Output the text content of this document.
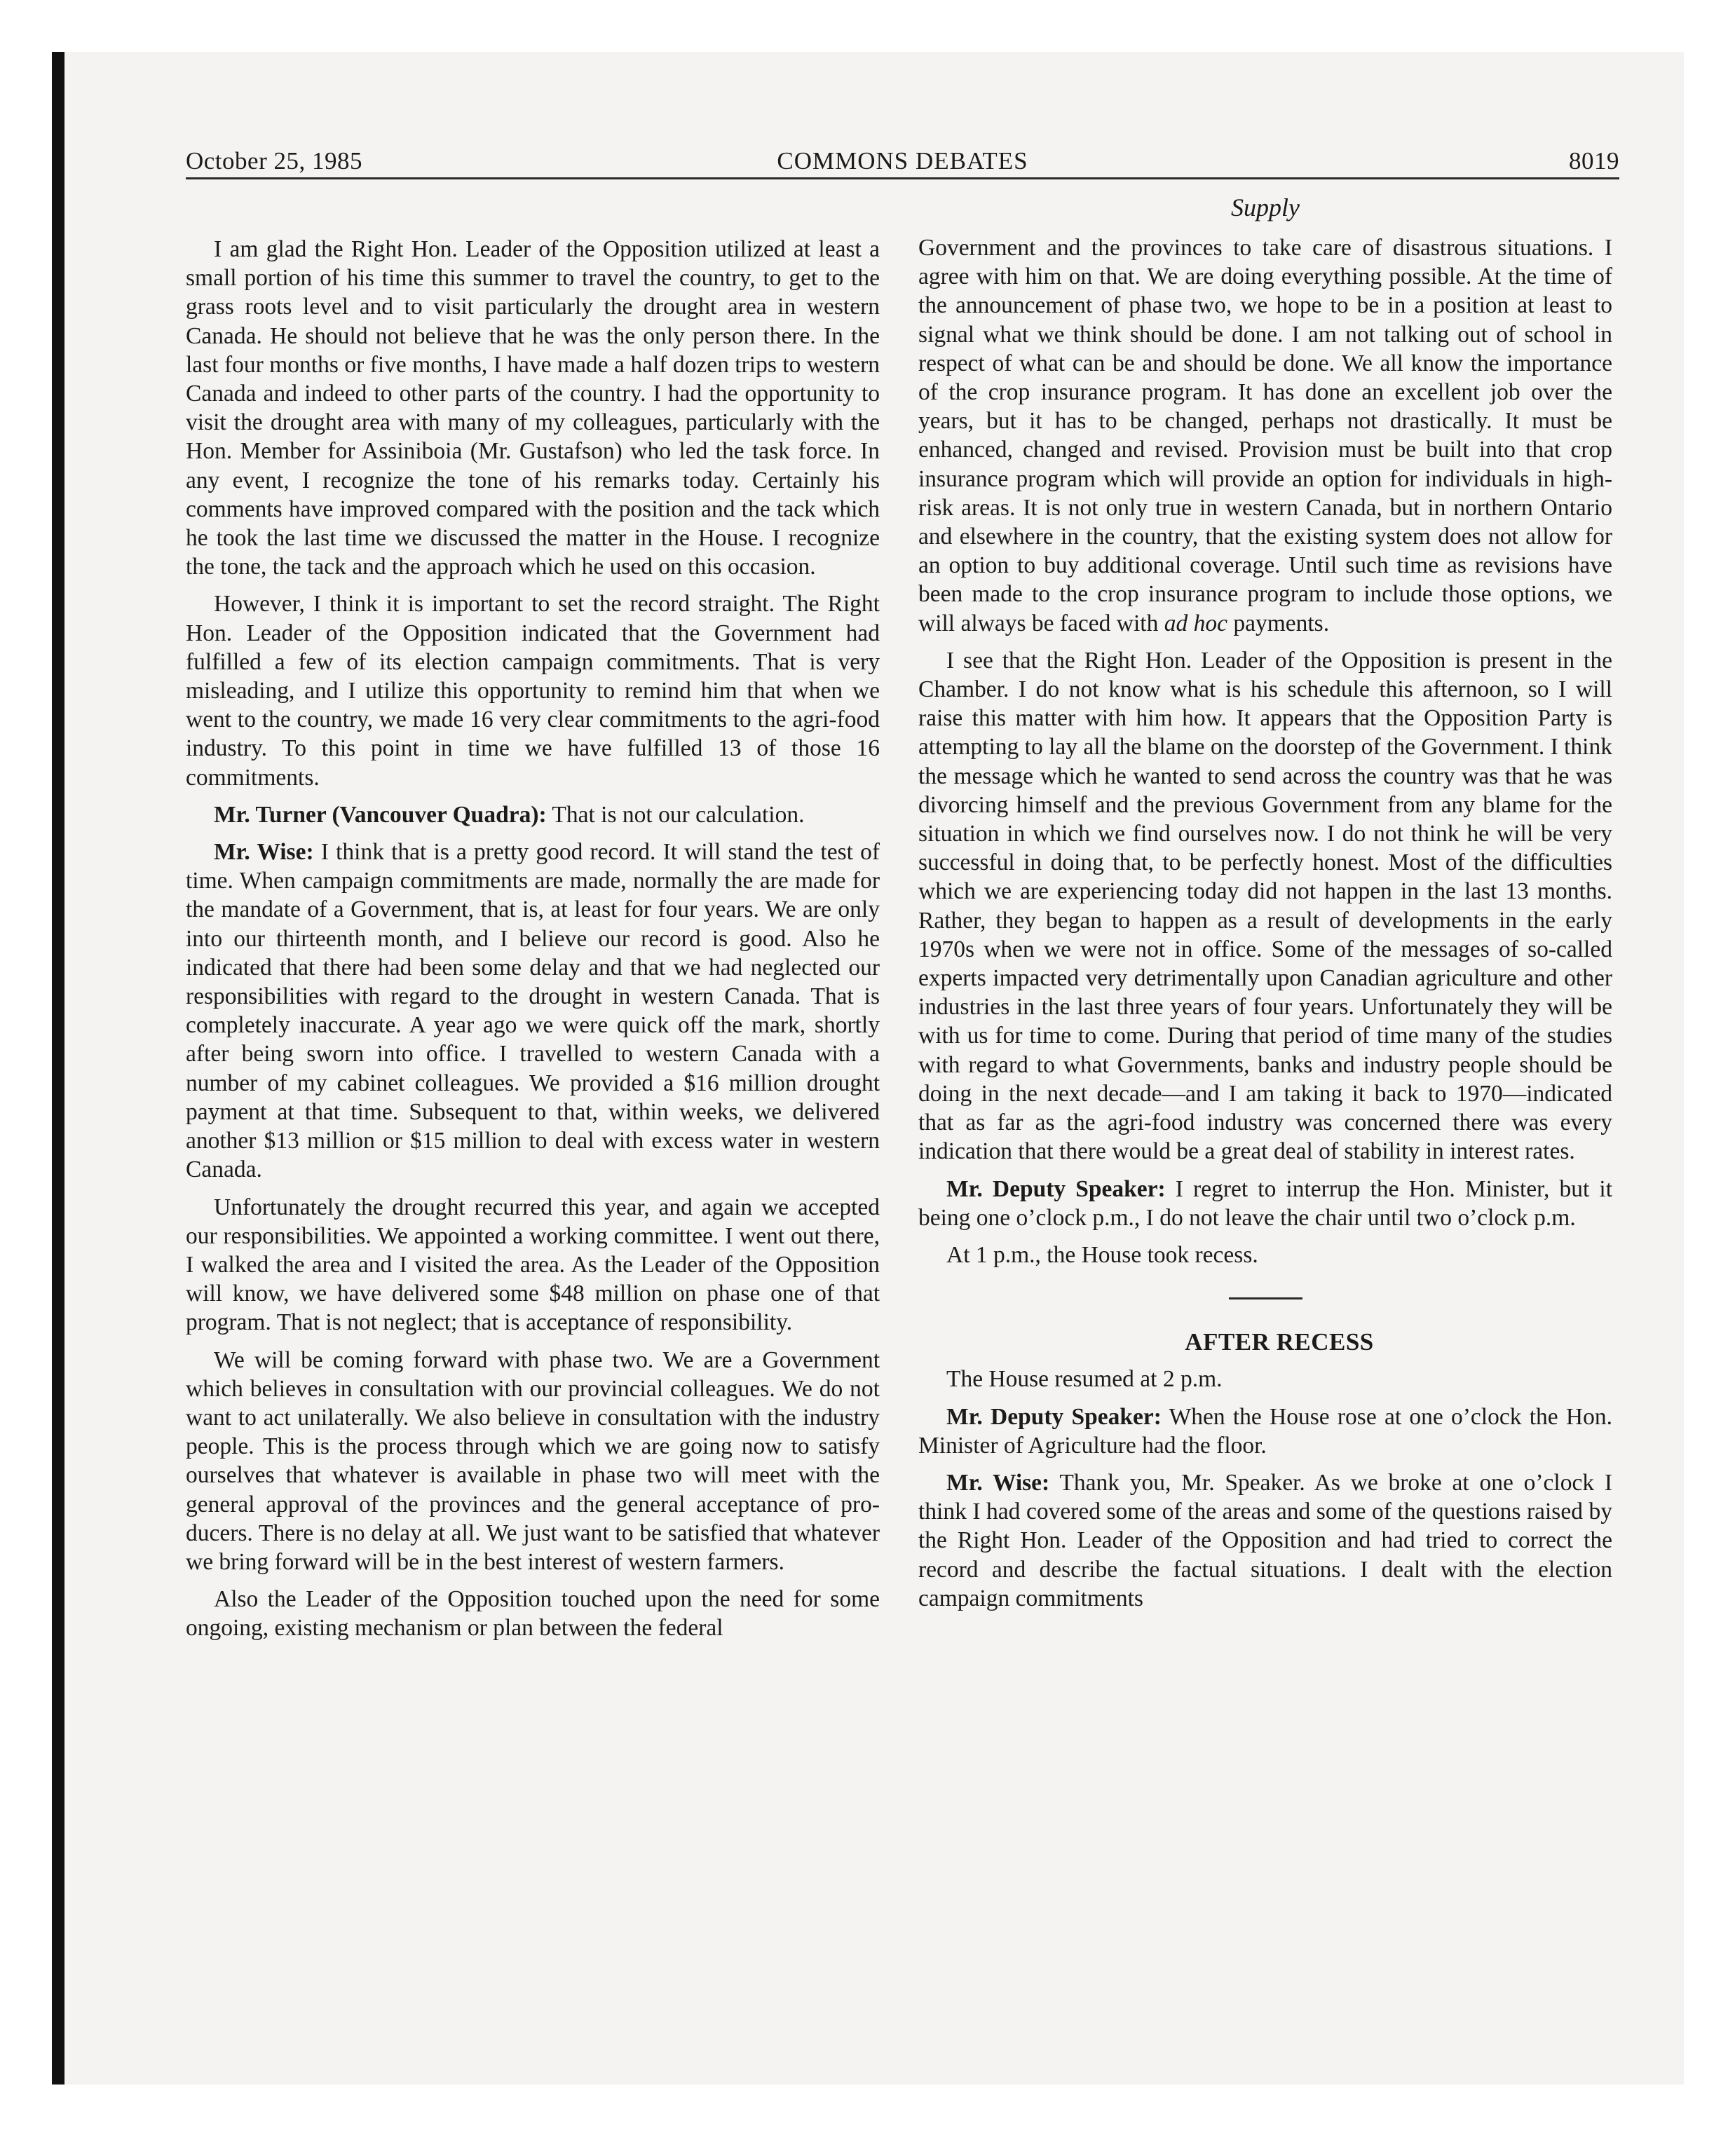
October 25, 1985	COMMONS DEBATES	8019
Supply

I am glad the Right Hon. Leader of the Opposition utilized at least a small portion of his time this summer to travel the country, to get to the grass roots level and to visit particularly the drought area in western Canada. He should not believe that he was the only person there. In the last four months or five months, I have made a half dozen trips to western Canada and indeed to other parts of the country. I had the opportunity to visit the drought area with many of my colleagues, particularly with the Hon. Member for Assiniboia (Mr. Gustafson) who led the task force. In any event, I recognize the tone of his remarks today. Certainly his comments have improved compared with the position and the tack which he took the last time we discussed the matter in the House. I recognize the tone, the tack and the approach which he used on this occasion.

However, I think it is important to set the record straight. The Right Hon. Leader of the Opposition indicated that the Government had fulfilled a few of its election campaign commitments. That is very misleading, and I utilize this opportunity to remind him that when we went to the country, we made 16 very clear commitments to the agri-food industry. To this point in time we have fulfilled 13 of those 16 commitments.

Mr. Turner (Vancouver Quadra): That is not our calculation.

Mr. Wise: I think that is a pretty good record. It will stand the test of time. When campaign commitments are made, normally the are made for the mandate of a Government, that is, at least for four years. We are only into our thirteenth month, and I believe our record is good. Also he indicated that there had been some delay and that we had neglected our responsibilities with regard to the drought in western Canada. That is completely inaccurate. A year ago we were quick off the mark, shortly after being sworn into office. I travelled to western Canada with a number of my cabinet colleagues. We provided a $16 million drought payment at that time. Subsequent to that, within weeks, we delivered another $13 million or $15 million to deal with excess water in western Canada.

Unfortunately the drought recurred this year, and again we accepted our responsibilities. We appointed a working committee. I went out there, I walked the area and I visited the area. As the Leader of the Opposition will know, we have delivered some $48 million on phase one of that program. That is not neglect; that is acceptance of responsibility.

We will be coming forward with phase two. We are a Government which believes in consultation with our provincial colleagues. We do not want to act unilaterally. We also believe in consultation with the industry people. This is the process through which we are going now to satisfy ourselves that whatever is available in phase two will meet with the general approval of the provinces and the general acceptance of producers. There is no delay at all. We just want to be satisfied that whatever we bring forward will be in the best interest of western farmers.

Also the Leader of the Opposition touched upon the need for some ongoing, existing mechanism or plan between the federal

Government and the provinces to take care of disastrous situations. I agree with him on that. We are doing everything possible. At the time of the announcement of phase two, we hope to be in a position at least to signal what we think should be done. I am not talking out of school in respect of what can be and should be done. We all know the importance of the crop insurance program. It has done an excellent job over the years, but it has to be changed, perhaps not drastically. It must be enhanced, changed and revised. Provision must be built into that crop insurance program which will provide an option for individuals in high-risk areas. It is not only true in western Canada, but in northern Ontario and elsewhere in the country, that the existing system does not allow for an option to buy additional coverage. Until such time as revisions have been made to the crop insurance program to include those options, we will always be faced with ad hoc payments.

I see that the Right Hon. Leader of the Opposition is present in the Chamber. I do not know what is his schedule this afternoon, so I will raise this matter with him how. It appears that the Opposition Party is attempting to lay all the blame on the doorstep of the Government. I think the message which he wanted to send across the country was that he was divorcing himself and the previous Government from any blame for the situation in which we find ourselves now. I do not think he will be very successful in doing that, to be perfectly honest. Most of the difficulties which we are experiencing today did not happen in the last 13 months. Rather, they began to happen as a result of developments in the early 1970s when we were not in office. Some of the messages of so-called experts impacted very detrimentally upon Canadian agriculture and other industries in the last three years of four years. Unfortunately they will be with us for time to come. During that period of time many of the studies with regard to what Governments, banks and industry people should be doing in the next decade—and I am taking it back to 1970—indicated that as far as the agri-food industry was concerned there was every indication that there would be a great deal of stability in interest rates.

Mr. Deputy Speaker: I regret to interrup the Hon. Minister, but it being one o’clock p.m., I do not leave the chair until two o’clock p.m.

At 1 p.m., the House took recess.

AFTER RECESS

The House resumed at 2 p.m.

Mr. Deputy Speaker: When the House rose at one o’clock the Hon. Minister of Agriculture had the floor.

Mr. Wise: Thank you, Mr. Speaker. As we broke at one o’clock I think I had covered some of the areas and some of the questions raised by the Right Hon. Leader of the Opposition and had tried to correct the record and describe the factual situations. I dealt with the election campaign commitments
